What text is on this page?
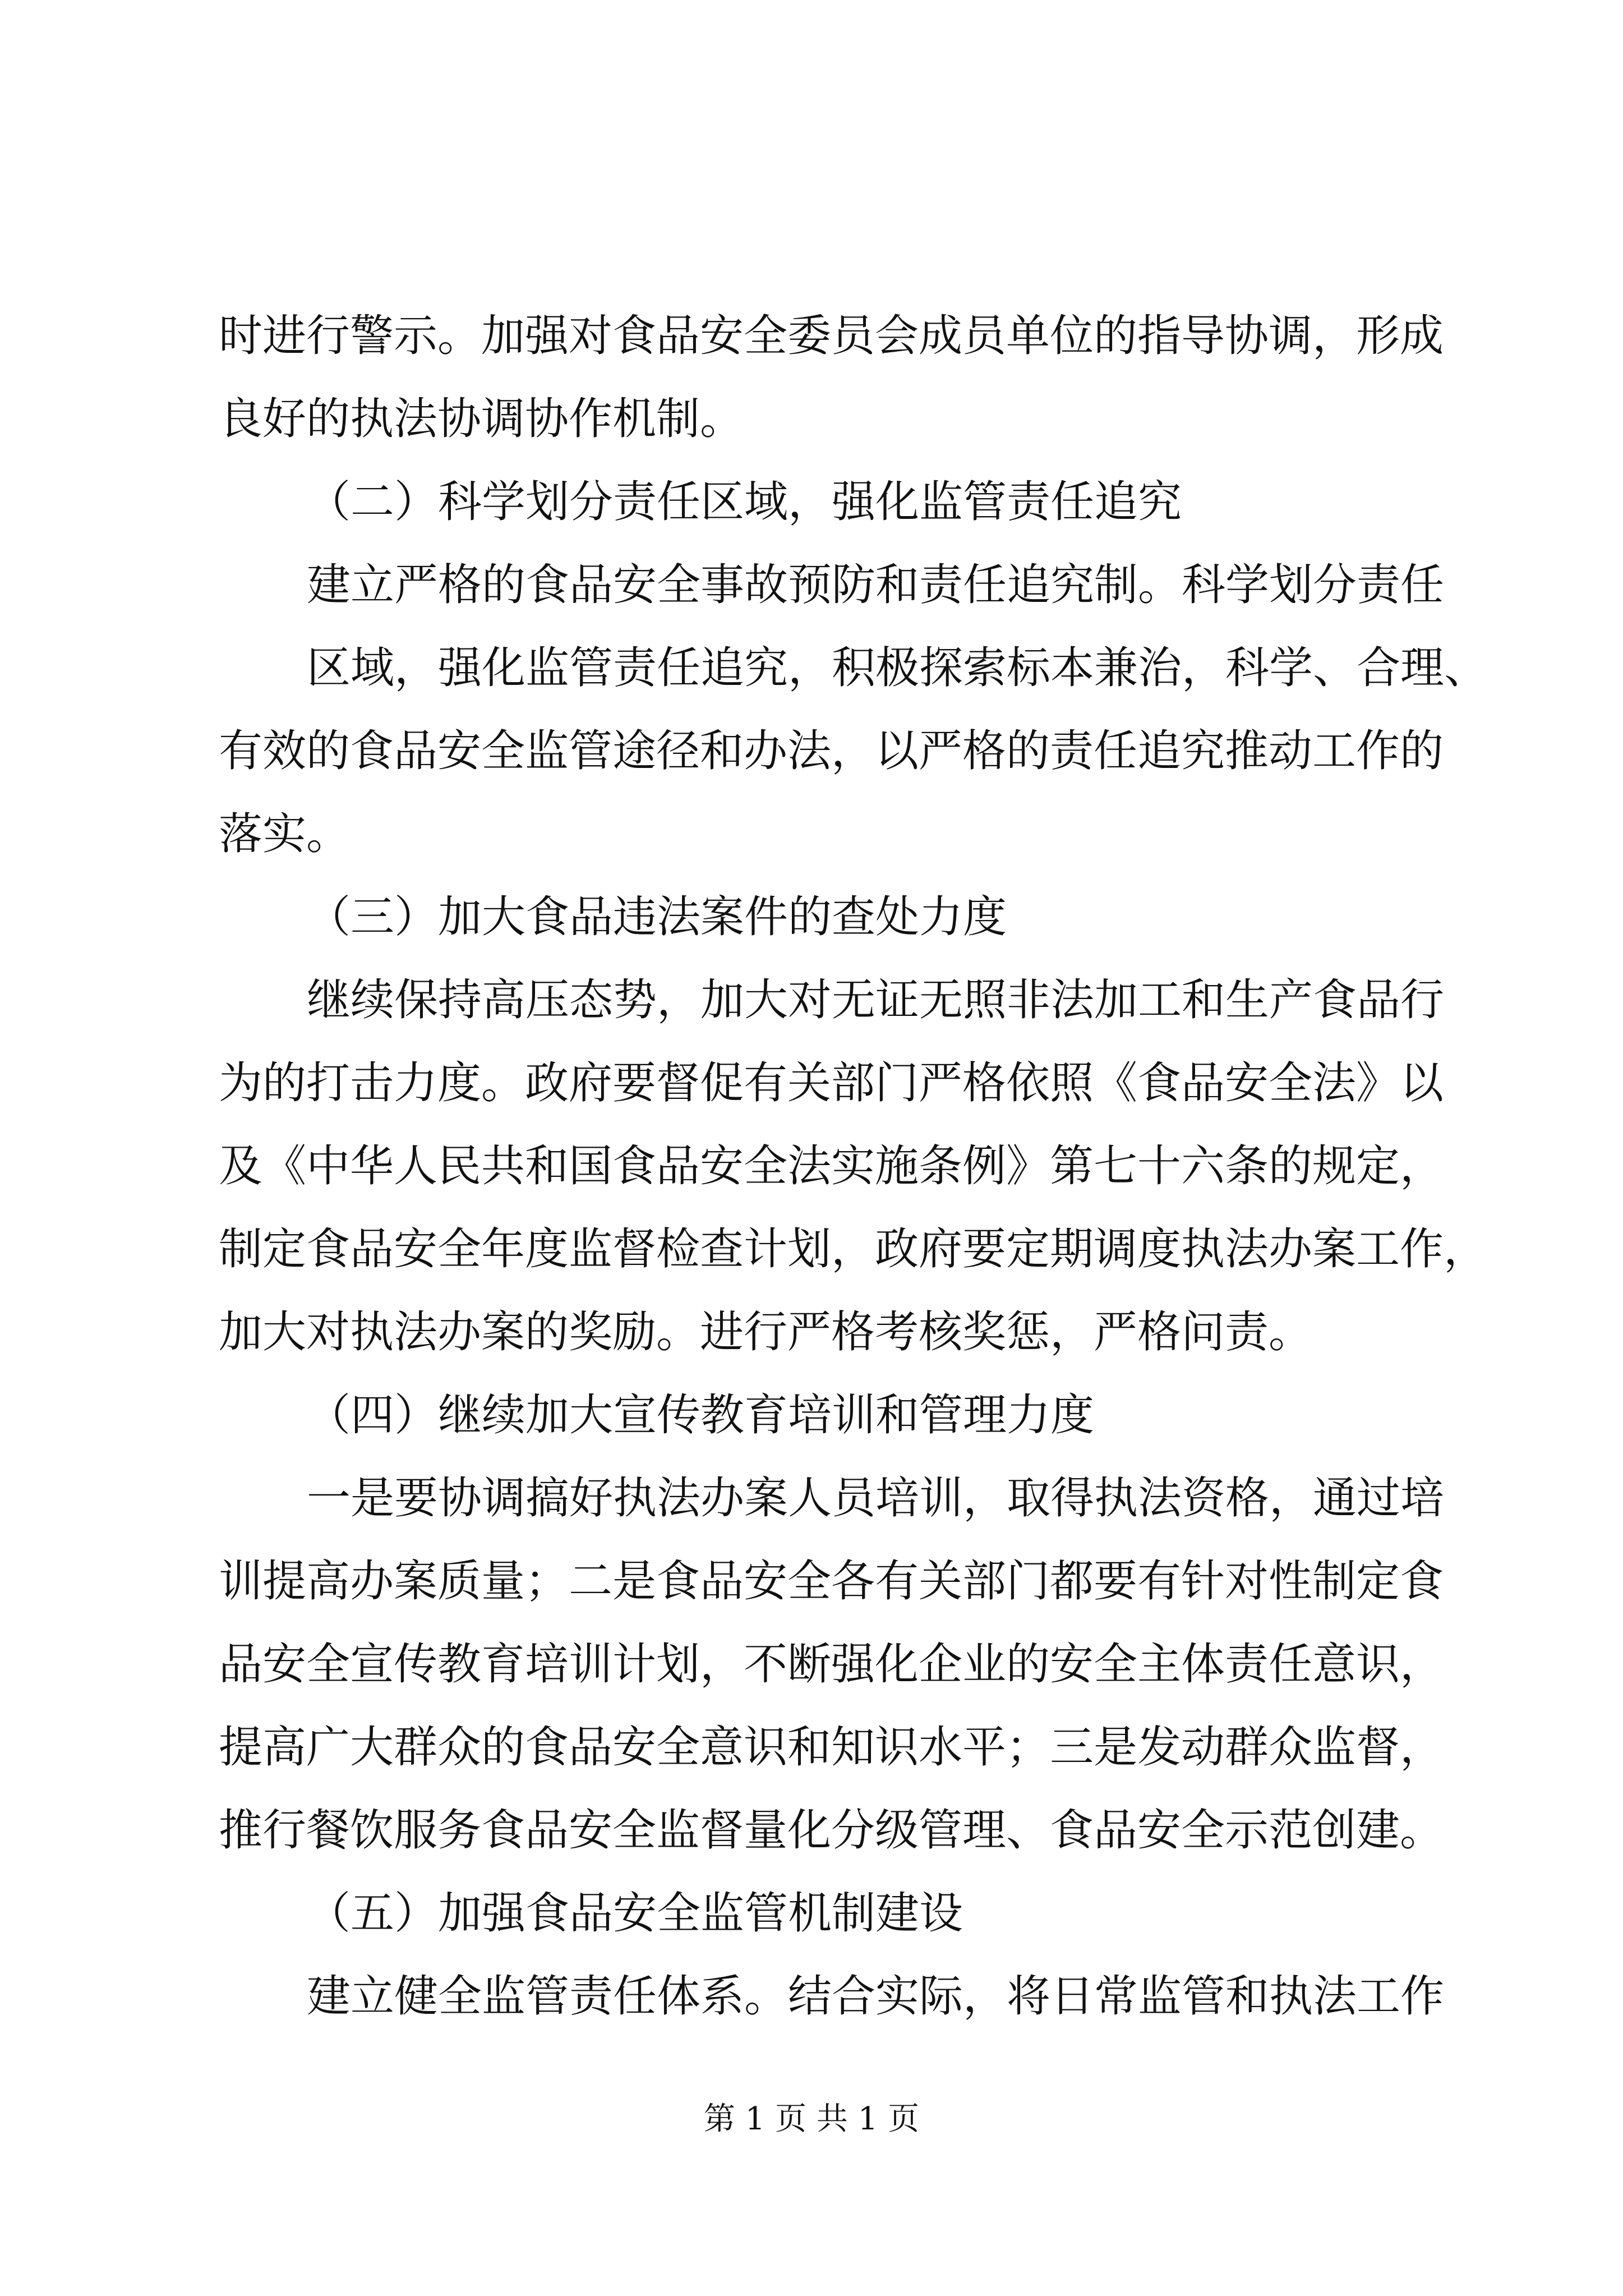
时进行警示。加强对食品安全委员会成员单位的指导协调，形成
良好的执法协调协作机制。
（二）科学划分责任区域，强化监管责任追究
建立严格的食品安全事故预防和责任追究制。科学划分责任
区域，强化监管责任追究，积极探索标本兼治，科学、合理、
有效的食品安全监管途径和办法，以严格的责任追究推动工作的
落实。
（三）加大食品违法案件的查处力度
继续保持高压态势，加大对无证无照非法加工和生产食品行
为的打击力度。政府要督促有关部门严格依照《食品安全法》以
及《中华人民共和国食品安全法实施条例》第七十六条的规定，
制定食品安全年度监督检查计划，政府要定期调度执法办案工作，
加大对执法办案的奖励。进行严格考核奖惩，严格问责。
（四）继续加大宣传教育培训和管理力度
一是要协调搞好执法办案人员培训，取得执法资格，通过培
训提高办案质量；二是食品安全各有关部门都要有针对性制定食
品安全宣传教育培训计划，不断强化企业的安全主体责任意识，
提高广大群众的食品安全意识和知识水平；三是发动群众监督，
推行餐饮服务食品安全监督量化分级管理、食品安全示范创建。
（五）加强食品安全监管机制建设
建立健全监管责任体系。结合实际，将日常监管和执法工作
第 1 页 共 1 页
